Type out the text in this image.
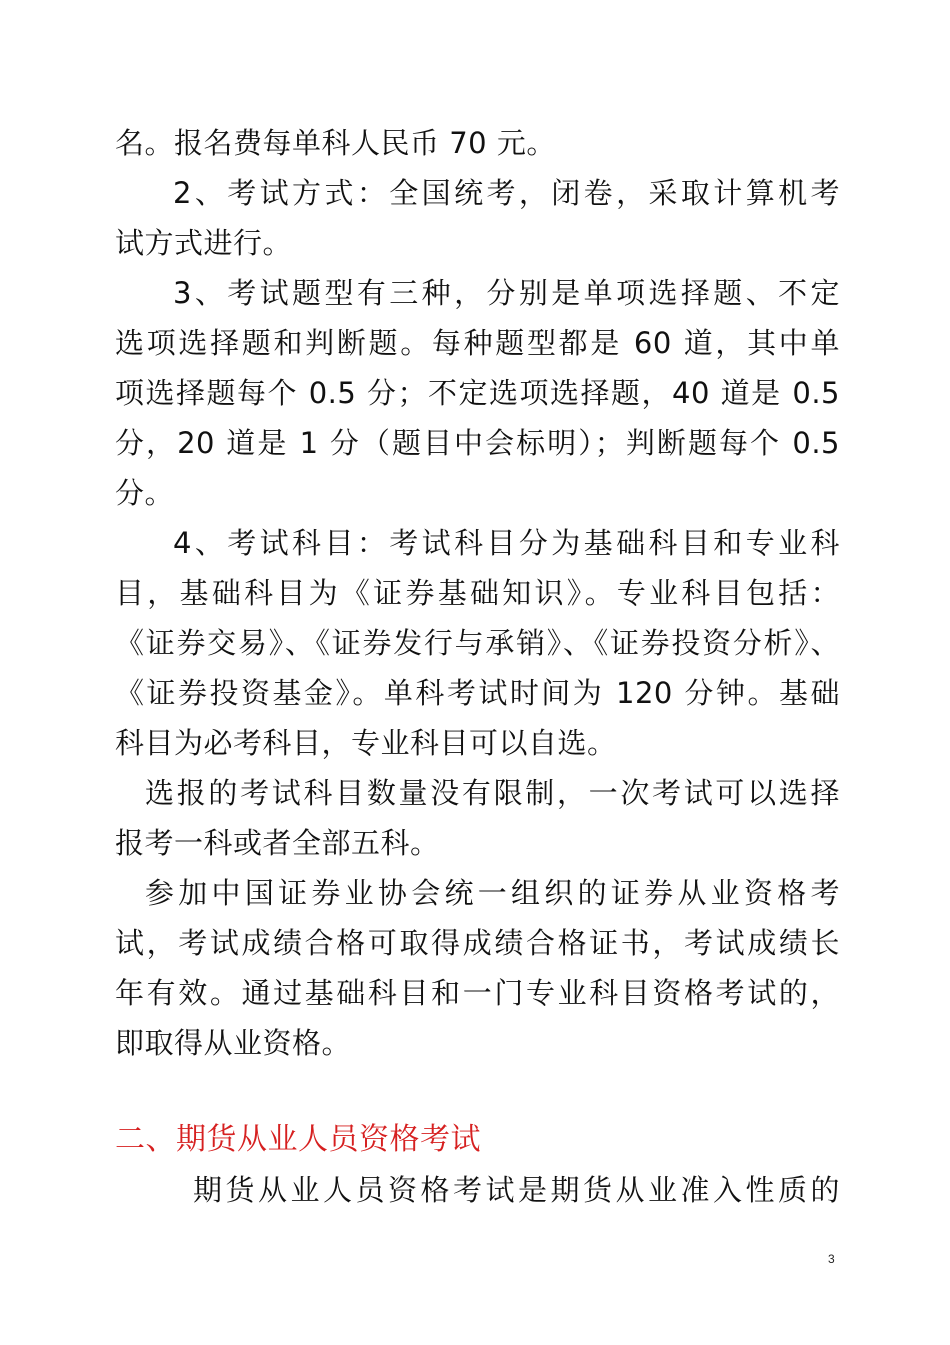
名。报名费每单科人民币 70 元。
2、考试方式：全国统考，闭卷，采取计算机考
试方式进行。
3、考试题型有三种，分别是单项选择题、不定
选项选择题和判断题。每种题型都是 60 道，其中单
项选择题每个 0.5 分；不定选项选择题，40 道是 0.5
分，20 道是 1 分（题目中会标明）；判断题每个 0.5
分。
4、考试科目：考试科目分为基础科目和专业科
目，基础科目为《证券基础知识》。专业科目包括：
《证券交易》、《证券发行与承销》、《证券投资分析》、
《证券投资基金》。单科考试时间为 120 分钟。基础
科目为必考科目，专业科目可以自选。
选报的考试科目数量没有限制，一次考试可以选择
报考一科或者全部五科。
参加中国证券业协会统一组织的证券从业资格考
试，考试成绩合格可取得成绩合格证书，考试成绩长
年有效。通过基础科目和一门专业科目资格考试的，
即取得从业资格。
二、期货从业人员资格考试
期货从业人员资格考试是期货从业准入性质的
3
